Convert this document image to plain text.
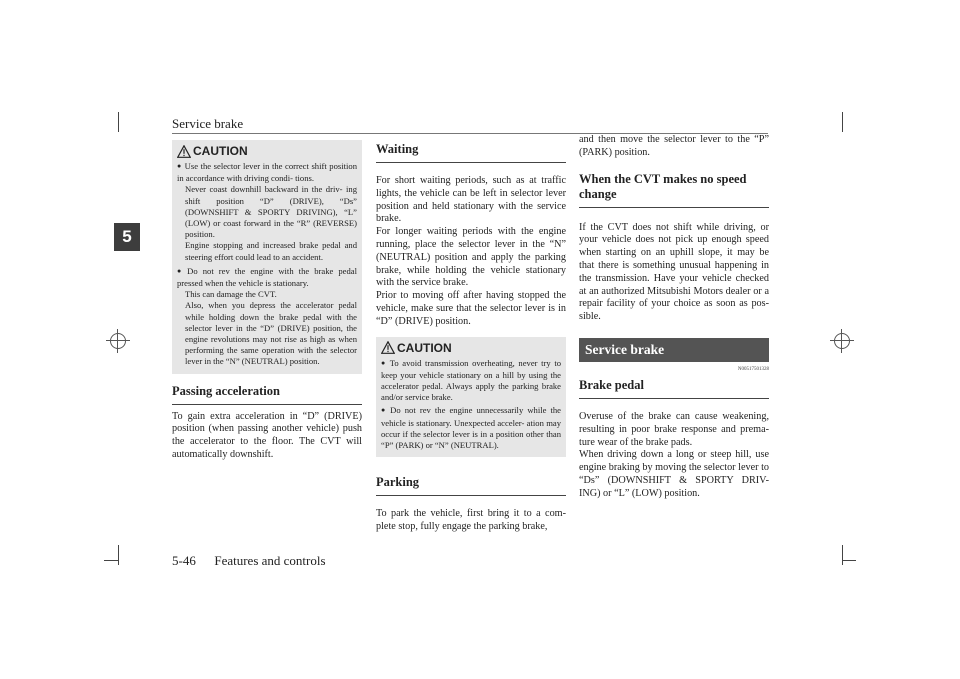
Service brake
5
CAUTION

● Use the selector lever in the correct shift position in accordance with driving condi- tions.

Never coast downhill backward in the driv- ing shift position “D” (DRIVE), “Ds” (DOWNSHIFT & SPORTY DRIVING), “L” (LOW) or coast forward in the “R” (REVERSE) position.

Engine stopping and increased brake pedal and steering effort could lead to an accident.

● Do not rev the engine with the brake pedal pressed when the vehicle is stationary.

This can damage the CVT.

Also, when you depress the accelerator pedal while holding down the brake pedal with the selector lever in the “D” (DRIVE) position, the engine revolutions may not rise as high as when performing the same operation with the selector lever in the “N” (NEUTRAL) position.

Passing acceleration

To gain extra acceleration in “D” (DRIVE) position (when passing another vehicle) push the accelerator to the floor. The CVT will automatically downshift.

Waiting

For short waiting periods, such as at traffic lights, the vehicle can be left in selector lever position and held stationary with the service brake.

For longer waiting periods with the engine running, place the selector lever in the “N” (NEUTRAL) position and apply the parking brake, while holding the vehicle stationary with the service brake.

Prior to moving off after having stopped the vehicle, make sure that the selector lever is in “D” (DRIVE) position.

CAUTION

● To avoid transmission overheating, never try to keep your vehicle stationary on a hill by using the accelerator pedal. Always apply the parking brake and/or service brake.

● Do not rev the engine unnecessarily while the vehicle is stationary. Unexpected acceler- ation may occur if the selector lever is in a position other than “P” (PARK) or “N” (NEUTRAL).

Parking

To park the vehicle, first bring it to a com- plete stop, fully engage the parking brake,

and then move the selector lever to the “P” (PARK) position.

When the CVT makes no speed change

If the CVT does not shift while driving, or your vehicle does not pick up enough speed when starting on an uphill slope, it may be that there is something unusual happening in the transmission. Have your vehicle checked at an authorized Mitsubishi Motors dealer or a repair facility of your choice as soon as pos- sible.

Service brake
N00517501328
Brake pedal

Overuse of the brake can cause weakening, resulting in poor brake response and prema- ture wear of the brake pads.

When driving down a long or steep hill, use engine braking by moving the selector lever to “Ds” (DOWNSHIFT & SPORTY DRIV- ING) or “L” (LOW) position.

5-46 Features and controls
